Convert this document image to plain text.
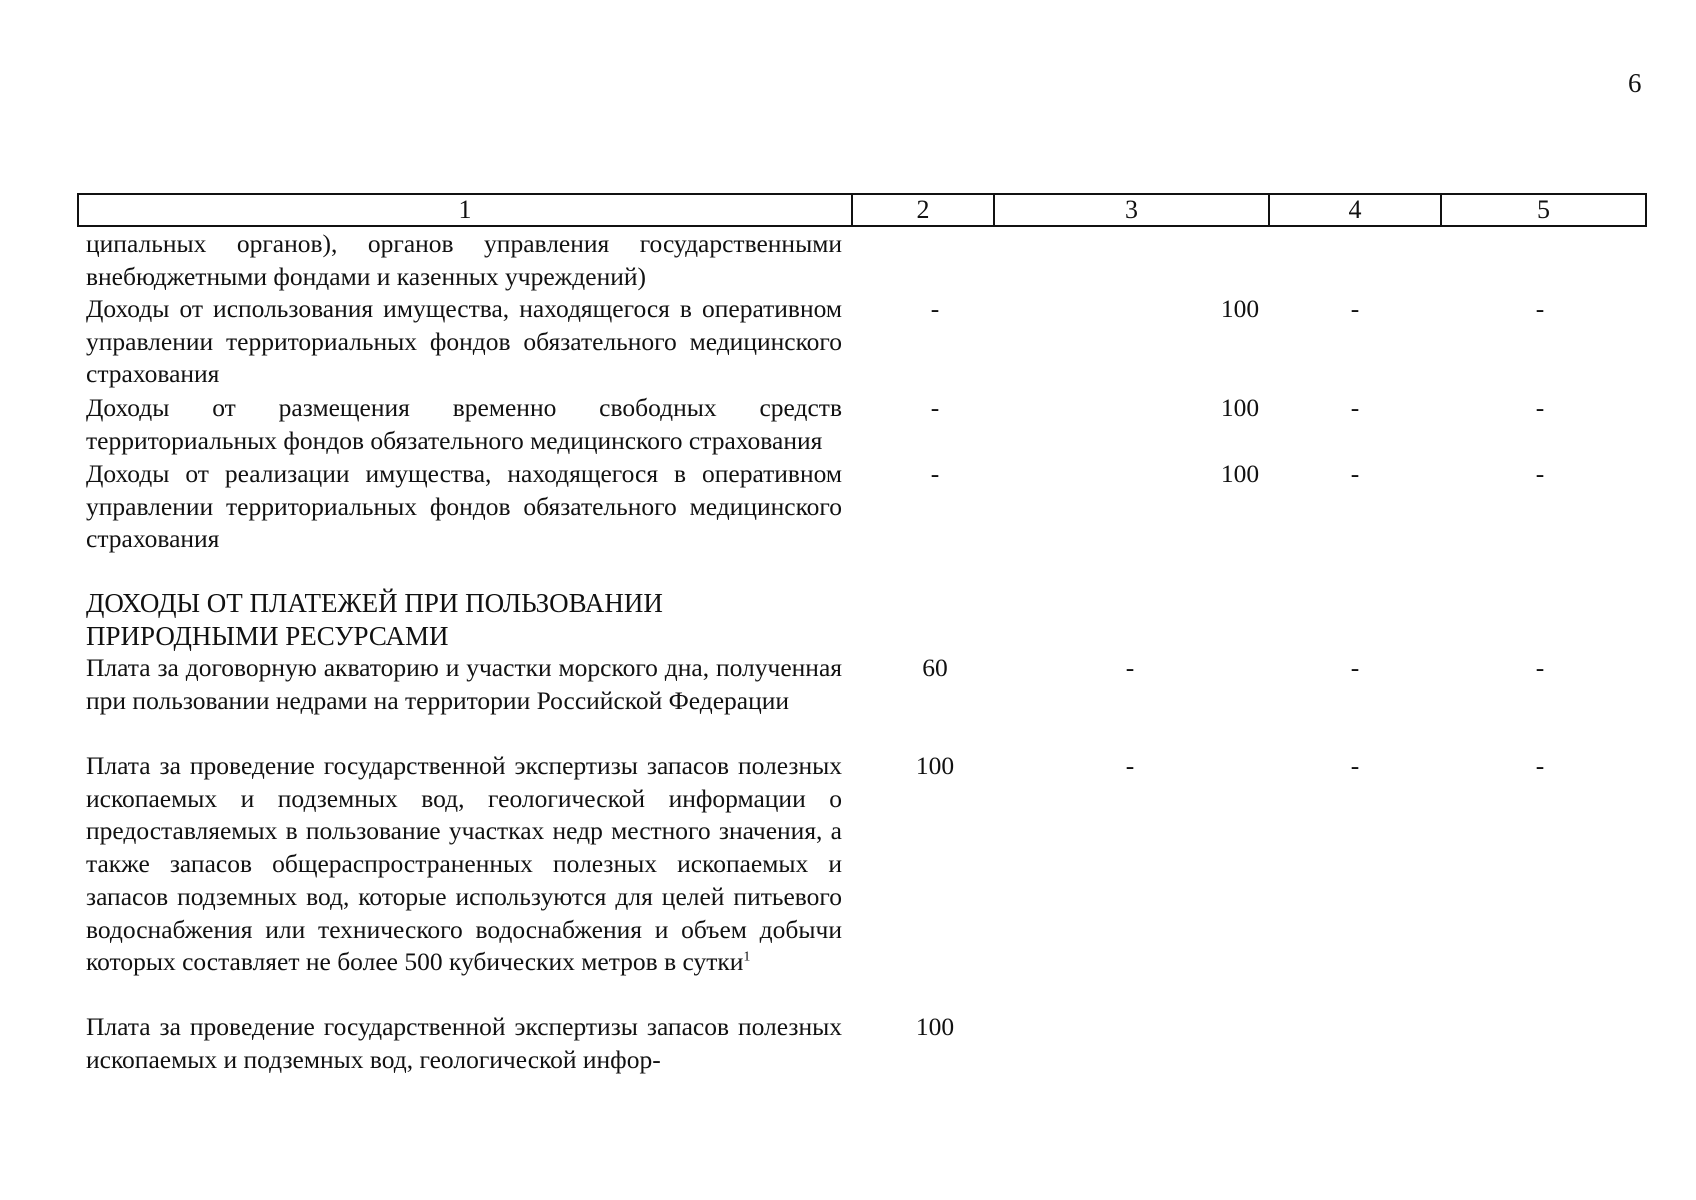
6
1	2	3	4	5
ципальных органов), органов управления государственными внебюджетными фондами и казенных учреждений)
Доходы от использования имущества, находящегося в оперативном управлении территориальных фондов обязательного медицинского страхования
-	100	-	-
Доходы от размещения временно свободных средств территориальных фондов обязательного медицинского страхования
-	100	-	-
Доходы от реализации имущества, находящегося в оперативном управлении территориальных фондов обязательного медицинского страхования
-	100	-	-
ДОХОДЫ ОТ ПЛАТЕЖЕЙ ПРИ ПОЛЬЗОВАНИИ ПРИРОДНЫМИ РЕСУРСАМИ
Плата за договорную акваторию и участки морского дна, полученная при пользовании недрами на территории Российской Федерации
60	-	-	-
Плата за проведение государственной экспертизы запасов полезных ископаемых и подземных вод, геологической информации о предоставляемых в пользование участках недр местного значения, а также запасов общераспространенных полезных ископаемых и запасов подземных вод, которые используются для целей питьевого водоснабжения или технического водоснабжения и объем добычи которых составляет не более 500 кубических метров в сутки$^1$
100	-	-	-
Плата за проведение государственной экспертизы запасов полезных ископаемых и подземных вод, геологической инфор-
100
